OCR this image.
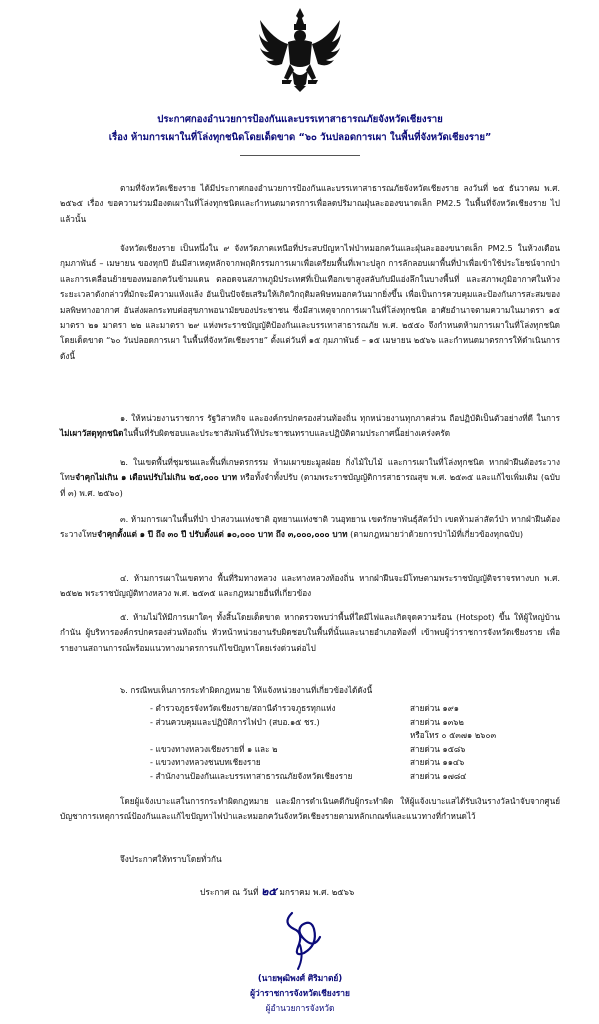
ประกาศกองอำนวยการป้องกันและบรรเทาสาธารณภัยจังหวัดเชียงราย
เรื่อง ห้ามการเผาในที่โล่งทุกชนิดโดยเด็ดขาด “๖๐ วันปลอดการเผา ในพื้นที่จังหวัดเชียงราย”

ตามที่จังหวัดเชียงราย ได้มีประกาศกองอำนวยการป้องกันและบรรเทาสาธารณภัยจังหวัดเชียงราย ลงวันที่ ๒๕ ธันวาคม พ.ศ. ๒๕๖๕ เรื่อง ขอความร่วมมืองดเผาในที่โล่งทุกชนิดและกำหนดมาตรการเพื่อลดปริมาณฝุ่นละอองขนาดเล็ก PM2.5 ในพื้นที่จังหวัดเชียงราย ไปแล้วนั้น

จังหวัดเชียงราย เป็นหนึ่งใน ๙ จังหวัดภาคเหนือที่ประสบปัญหาไฟป่าหมอกควันและฝุ่นละอองขนาดเล็ก PM2.5 ในห้วงเดือนกุมภาพันธ์ – เมษายน ของทุกปี อันมีสาเหตุหลักจากพฤติกรรมการเผาเพื่อเตรียมพื้นที่เพาะปลูก การลักลอบเผาพื้นที่ป่าเพื่อเข้าใช้ประโยชน์จากป่า และการเคลื่อนย้ายของหมอกควันข้ามแดน ตลอดจนสภาพภูมิประเทศที่เป็นเทือกเขาสูงสลับกับมีแอ่งลึกในบางพื้นที่ และสภาพภูมิอากาศในห้วงระยะเวลาดังกล่าวที่มักจะมีความแห้งแล้ง อันเป็นปัจจัยเสริมให้เกิดวิกฤติมลพิษหมอกควันมากยิ่งขึ้น เพื่อเป็นการควบคุมและป้องกันการสะสมของมลพิษทางอากาศ อันส่งผลกระทบต่อสุขภาพอนามัยของประชาชน ซึ่งมีสาเหตุจากการเผาในที่โล่งทุกชนิด อาศัยอำนาจตามความในมาตรา ๑๕ มาตรา ๒๑ มาตรา ๒๒ และมาตรา ๒๙ แห่งพระราชบัญญัติป้องกันและบรรเทาสาธารณภัย พ.ศ. ๒๕๕๐ จึงกำหนดห้ามการเผาในที่โล่งทุกชนิดโดยเด็ดขาด “๖๐ วันปลอดการเผา ในพื้นที่จังหวัดเชียงราย” ตั้งแต่วันที่ ๑๕ กุมภาพันธ์ – ๑๕ เมษายน ๒๕๖๖ และกำหนดมาตรการให้ดำเนินการดังนี้

๑. ให้หน่วยงานราชการ รัฐวิสาหกิจ และองค์กรปกครองส่วนท้องถิ่น ทุกหน่วยงานทุกภาคส่วน ถือปฏิบัติเป็นตัวอย่างที่ดี ในการไม่เผาวัสดุทุกชนิดในพื้นที่รับผิดชอบและประชาสัมพันธ์ให้ประชาชนทราบและปฏิบัติตามประกาศนี้อย่างเคร่งครัด

๒. ในเขตพื้นที่ชุมชนและพื้นที่เกษตรกรรม ห้ามเผาขยะมูลฝอย กิ่งไม้ใบไม้ และการเผาในที่โล่งทุกชนิด หากฝ่าฝืนต้องระวางโทษจำคุกไม่เกิน ๑ เดือนปรับไม่เกิน ๒๕,๐๐๐ บาท หรือทั้งจำทั้งปรับ (ตามพระราชบัญญัติการสาธารณสุข พ.ศ. ๒๕๓๕ และแก้ไขเพิ่มเติม (ฉบับที่ ๓) พ.ศ. ๒๕๖๐)

๓. ห้ามการเผาในพื้นที่ป่า ป่าสงวนแห่งชาติ อุทยานแห่งชาติ วนอุทยาน เขตรักษาพันธุ์สัตว์ป่า เขตห้ามล่าสัตว์ป่า หากฝ่าฝืนต้องระวางโทษจำคุกตั้งแต่ ๑ ปี ถึง ๓๐ ปี ปรับตั้งแต่ ๑๐,๐๐๐ บาท ถึง ๓,๐๐๐,๐๐๐ บาท (ตามกฎหมายว่าด้วยการป่าไม้ที่เกี่ยวข้องทุกฉบับ)

๔. ห้ามการเผาในเขตทาง พื้นที่ริมทางหลวง และทางหลวงท้องถิ่น หากฝ่าฝืนจะมีโทษตามพระราชบัญญัติจราจรทางบก พ.ศ. ๒๕๒๒ พระราชบัญญัติทางหลวง พ.ศ. ๒๕๓๕ และกฎหมายอื่นที่เกี่ยวข้อง

๕. ห้ามไม่ให้มีการเผาใดๆ ทั้งสิ้นโดยเด็ดขาด หากตรวจพบว่าพื้นที่ใดมีไฟและเกิดจุดความร้อน (Hotspot) ขึ้น ให้ผู้ใหญ่บ้าน กำนัน ผู้บริหารองค์กรปกครองส่วนท้องถิ่น หัวหน้าหน่วยงานรับผิดชอบในพื้นที่นั้นและนายอำเภอท้องที่ เข้าพบผู้ว่าราชการจังหวัดเชียงราย เพื่อรายงานสถานการณ์พร้อมแนวทางมาตรการแก้ไขปัญหาโดยเร่งด่วนต่อไป

๖. กรณีพบเห็นการกระทำผิดกฎหมาย ให้แจ้งหน่วยงานที่เกี่ยวข้องได้ดังนี้

- ตำรวจภูธรจังหวัดเชียงราย/สถานีตำรวจภูธรทุกแห่ง	สายด่วน ๑๙๑
- ส่วนควบคุมและปฏิบัติการไฟป่า (สบอ.๑๕ ชร.)	สายด่วน ๑๓๖๒
หรือโทร ๐ ๕๓๗๑ ๒๖๐๓
- แขวงทางหลวงเชียงรายที่ ๑ และ ๒	สายด่วน ๑๕๘๖
- แขวงทางหลวงชนบทเชียงราย	สายด่วน ๑๑๔๖
- สำนักงานป้องกันและบรรเทาสาธารณภัยจังหวัดเชียงราย	สายด่วน ๑๗๘๔

โดยผู้แจ้งเบาะแสในการกระทำผิดกฎหมาย และมีการดำเนินคดีกับผู้กระทำผิด ให้ผู้แจ้งเบาะแสได้รับเงินรางวัลนำจับจากศูนย์บัญชาการเหตุการณ์ป้องกันและแก้ไขปัญหาไฟป่าและหมอกควันจังหวัดเชียงรายตามหลักเกณฑ์และแนวทางที่กำหนดไว้

จึงประกาศให้ทราบโดยทั่วกัน

ประกาศ ณ วันที่ ๒๕ มกราคม พ.ศ. ๒๕๖๖
(นายพุฒิพงศ์ ศิริมาตย์)
ผู้ว่าราชการจังหวัดเชียงราย
ผู้อำนวยการจังหวัด
